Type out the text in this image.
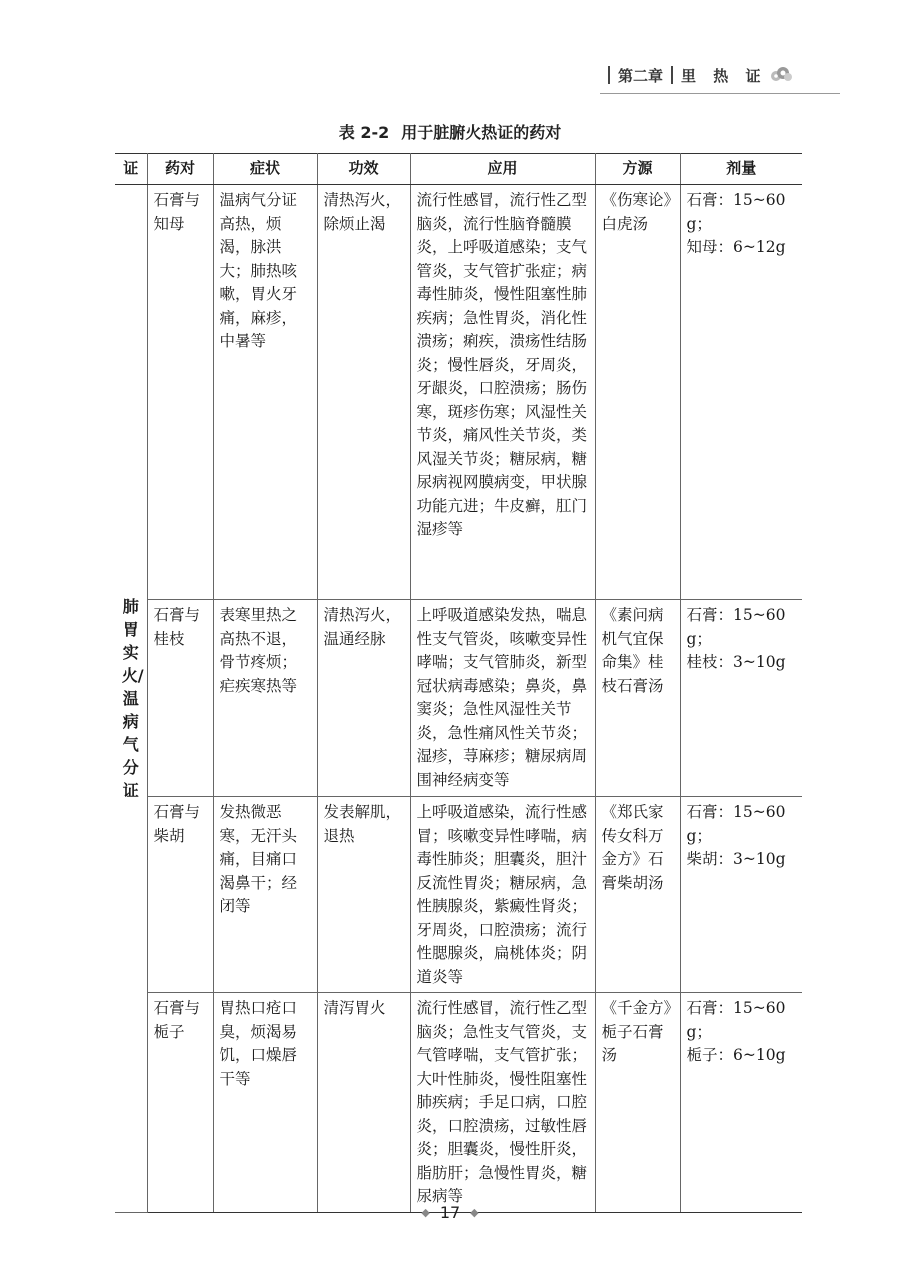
第二章 里 热 证
表 2-2 用于脏腑火热证的药对
证	药对	症状	功效	应用	方源	剂量
肺胃实火/温病气分证	石膏与知母	温病气分证高热，烦渴，脉洪大；肺热咳嗽，胃火牙痛，麻疹，中暑等	清热泻火，除烦止渴	流行性感冒，流行性乙型脑炎，流行性脑脊髓膜炎，上呼吸道感染；支气管炎，支气管扩张症；病毒性肺炎，慢性阻塞性肺疾病；急性胃炎，消化性溃疡；痢疾，溃疡性结肠炎；慢性唇炎，牙周炎，牙龈炎，口腔溃疡；肠伤寒，斑疹伤寒；风湿性关节炎，痛风性关节炎，类风湿关节炎；糖尿病，糖尿病视网膜病变，甲状腺功能亢进；牛皮癣，肛门湿疹等	《伤寒论》白虎汤	石膏：15~60g；
知母：6~12g

	石膏与桂枝	表寒里热之高热不退，骨节疼烦；疟疾寒热等	清热泻火，温通经脉	上呼吸道感染发热，喘息性支气管炎，咳嗽变异性哮喘；支气管肺炎，新型冠状病毒感染；鼻炎，鼻窦炎；急性风湿性关节炎，急性痛风性关节炎；湿疹，荨麻疹；糖尿病周围神经病变等	《素问病机气宜保命集》桂枝石膏汤	石膏：15~60g；
桂枝：3~10g

	石膏与柴胡	发热微恶寒，无汗头痛，目痛口渴鼻干；经闭等	发表解肌，退热	上呼吸道感染，流行性感冒；咳嗽变异性哮喘，病毒性肺炎；胆囊炎，胆汁反流性胃炎；糖尿病，急性胰腺炎，紫癜性肾炎；牙周炎，口腔溃疡；流行性腮腺炎，扁桃体炎；阴道炎等	《郑氏家传女科万金方》石膏柴胡汤	石膏：15~60g；
柴胡：3~10g

	石膏与栀子	胃热口疮口臭，烦渴易饥，口燥唇干等	清泻胃火	流行性感冒，流行性乙型脑炎；急性支气管炎，支气管哮喘，支气管扩张；大叶性肺炎，慢性阻塞性肺疾病；手足口病，口腔炎，口腔溃疡，过敏性唇炎；胆囊炎，慢性肝炎，脂肪肝；急慢性胃炎，糖尿病等	《千金方》栀子石膏汤	石膏：15~60g；
栀子：6~10g
◆ 17 ◆
